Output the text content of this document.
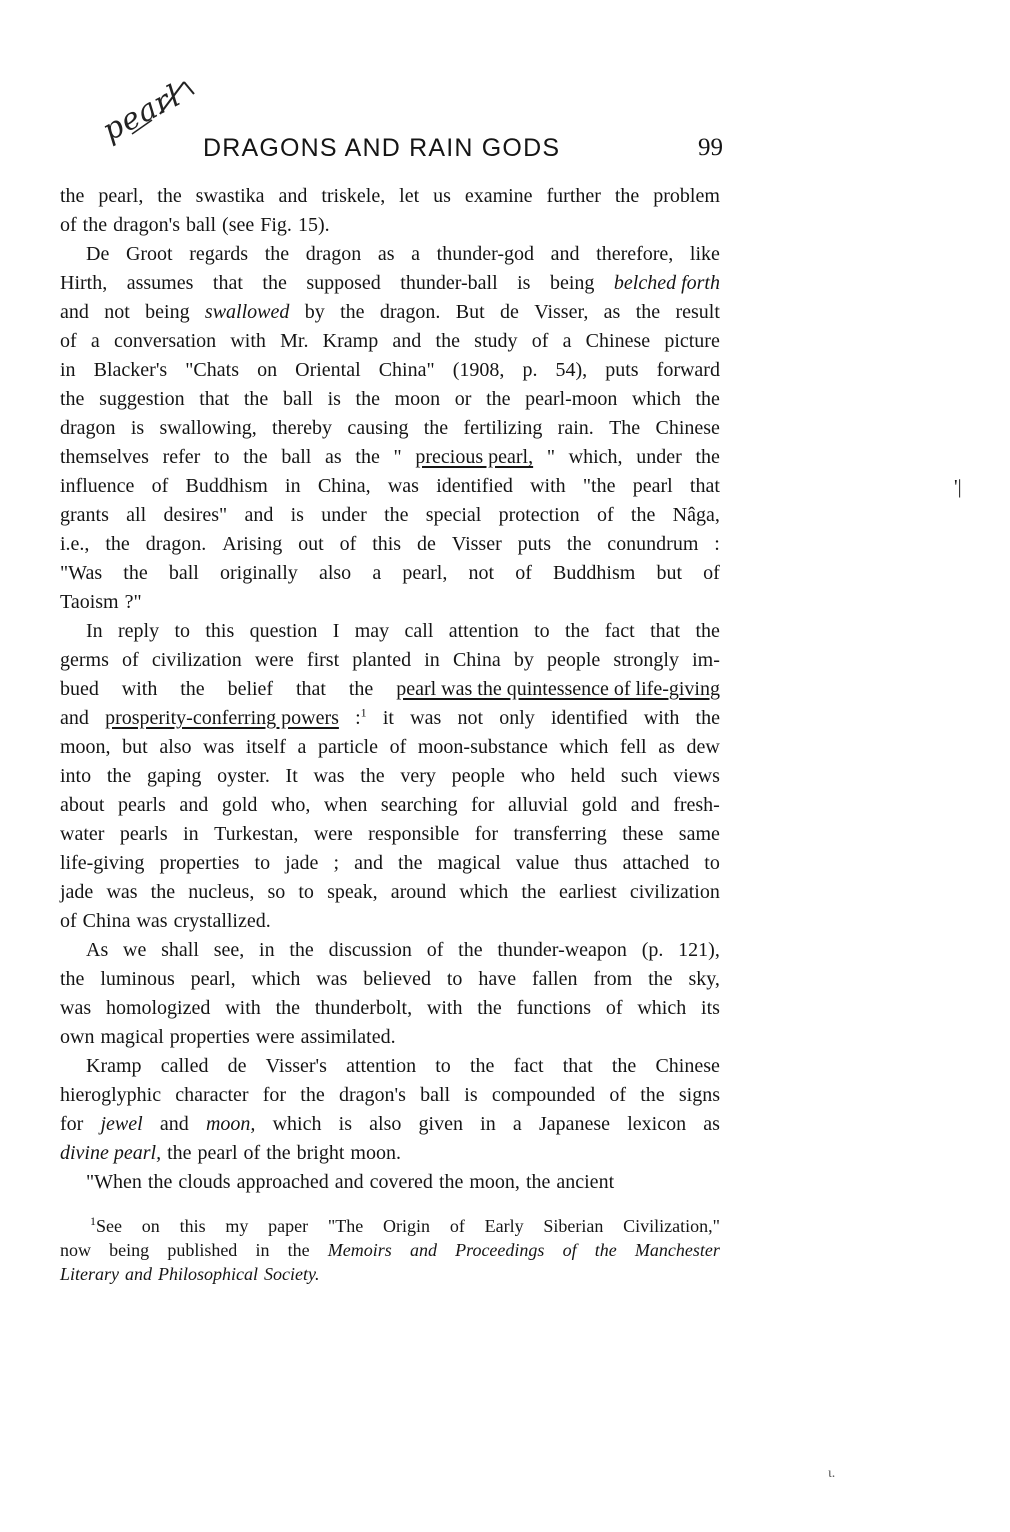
pearl DRAGONS AND RAIN GODS	99
the pearl, the swastika and triskele, let us examine further the problem
of the dragon's ball (see Fig. 15).
De Groot regards the dragon as a thunder-god and therefore, like
Hirth, assumes that the supposed thunder-ball is being belched forth
and not being swallowed by the dragon. But de Visser, as the result
of a conversation with Mr. Kramp and the study of a Chinese picture
in Blacker's "Chats on Oriental China" (1908, p. 54), puts forward
the suggestion that the ball is the moon or the pearl-moon which the
dragon is swallowing, thereby causing the fertilizing rain. The Chinese
themselves refer to the ball as the " precious pearl, " which, under the
influence of Buddhism in China, was identified with "the pearl that
grants all desires" and is under the special protection of the Nâga,
i.e., the dragon. Arising out of this de Visser puts the conundrum :
"Was the ball originally also a pearl, not of Buddhism but of
Taoism ?"
In reply to this question I may call attention to the fact that the
germs of civilization were first planted in China by people strongly im-
bued with the belief that the pearl was the quintessence of life-giving
and prosperity-conferring powers :$^1$ it was not only identified with the
moon, but also was itself a particle of moon-substance which fell as dew
into the gaping oyster. It was the very people who held such views
about pearls and gold who, when searching for alluvial gold and fresh-
water pearls in Turkestan, were responsible for transferring these same
life-giving properties to jade ; and the magical value thus attached to
jade was the nucleus, so to speak, around which the earliest civilization
of China was crystallized.
As we shall see, in the discussion of the thunder-weapon (p. 121),
the luminous pearl, which was believed to have fallen from the sky,
was homologized with the thunderbolt, with the functions of which its
own magical properties were assimilated.
Kramp called de Visser's attention to the fact that the Chinese
hieroglyphic character for the dragon's ball is compounded of the signs
for jewel and moon, which is also given in a Japanese lexicon as
divine pearl, the pearl of the bright moon.
"When the clouds approached and covered the moon, the ancient
$^1$See on this my paper "The Origin of Early Siberian Civilization,"
now being published in the Memoirs and Proceedings of the Manchester
Literary and Philosophical Society.
'|
ι.
